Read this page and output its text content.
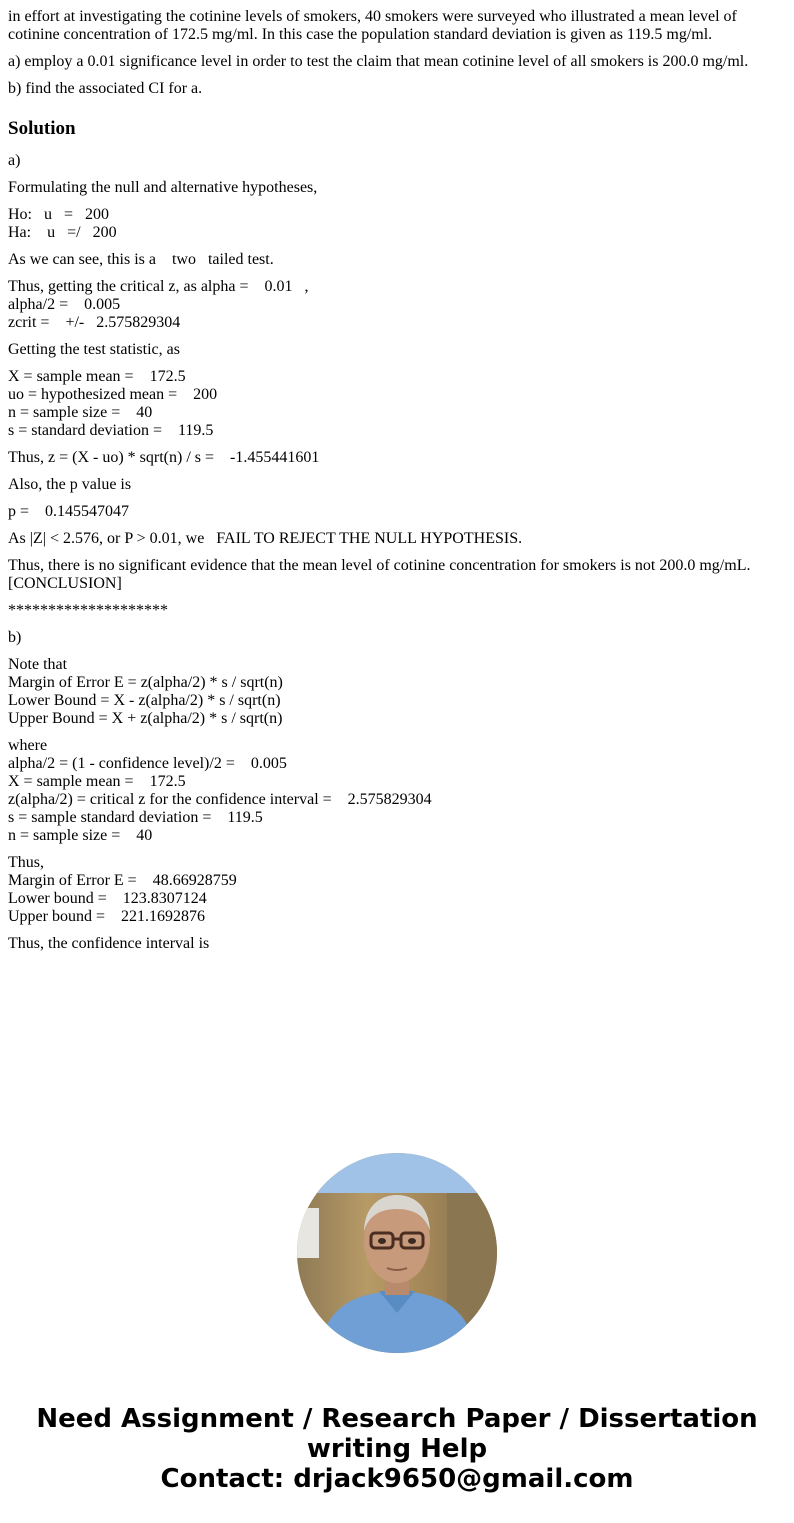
in effort at investigating the cotinine levels of smokers, 40 smokers were surveyed who illustrated a mean level of cotinine concentration of 172.5 mg/ml. In this case the population standard deviation is given as 119.5 mg/ml.

a) employ a 0.01 significance level in order to test the claim that mean cotinine level of all smokers is 200.0 mg/ml.

b) find the associated CI for a.

Solution

a)

Formulating the null and alternative hypotheses,

Ho:   u   =   200
Ha:    u   =/   200

As we can see, this is a    two   tailed test.

Thus, getting the critical z, as alpha =    0.01   ,
alpha/2 =    0.005
zcrit =    +/-   2.575829304

Getting the test statistic, as

X = sample mean =    172.5
uo = hypothesized mean =    200
n = sample size =    40
s = standard deviation =    119.5

Thus, z = (X - uo) * sqrt(n) / s =    -1.455441601

Also, the p value is

p =    0.145547047

As |Z| < 2.576, or P > 0.01, we   FAIL TO REJECT THE NULL HYPOTHESIS.

Thus, there is no significant evidence that the mean level of cotinine concentration for smokers is not 200.0 mg/mL. [CONCLUSION]

********************

b)

Note that
Margin of Error E = z(alpha/2) * s / sqrt(n)
Lower Bound = X - z(alpha/2) * s / sqrt(n)
Upper Bound = X + z(alpha/2) * s / sqrt(n)

where
alpha/2 = (1 - confidence level)/2 =    0.005
X = sample mean =    172.5
z(alpha/2) = critical z for the confidence interval =    2.575829304
s = sample standard deviation =    119.5
n = sample size =    40

Thus,
Margin of Error E =    48.66928759
Lower bound =    123.8307124
Upper bound =    221.1692876

Thus, the confidence interval is

Need Assignment / Research Paper / Dissertation
writing Help
Contact: drjack9650@gmail.com
